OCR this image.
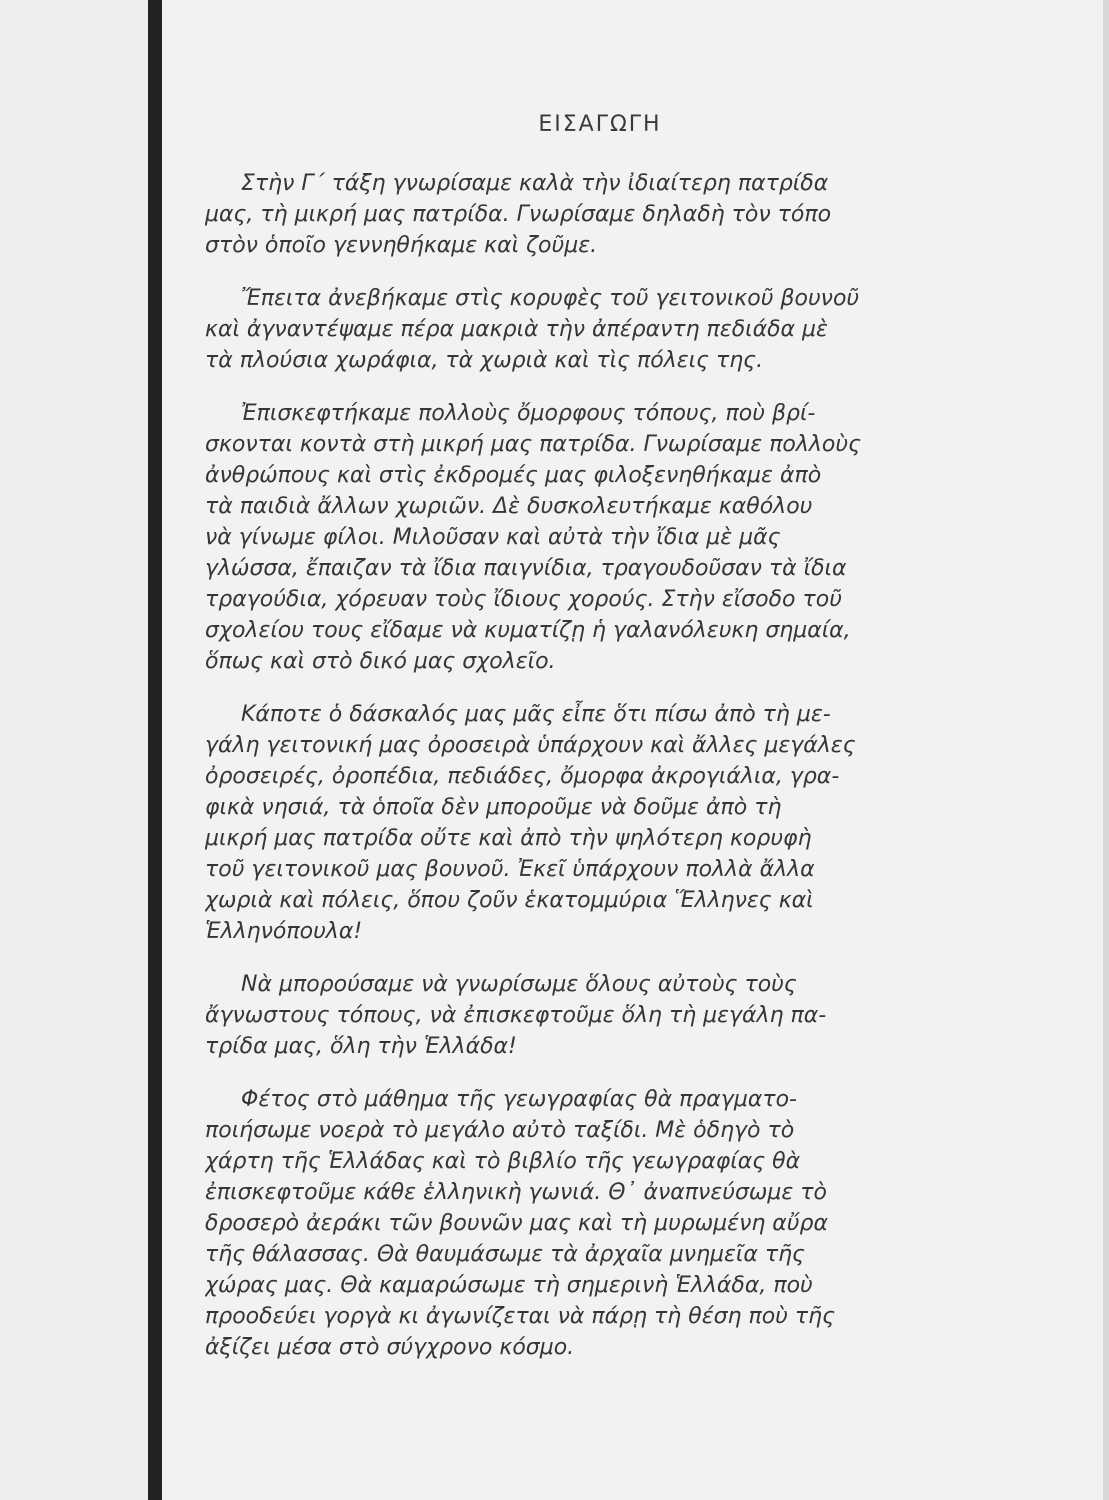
ΕΙΣΑΓΩΓΗ

Στὴν Γ΄ τάξη γνωρίσαμε καλὰ τὴν ἰδιαίτερη πατρίδα
μας, τὴ μικρή μας πατρίδα. Γνωρίσαμε δηλαδὴ τὸν τόπο
στὸν ὁποῖο γεννηθήκαμε καὶ ζοῦμε.

Ἔπειτα ἀνεβήκαμε στὶς κορυφὲς τοῦ γειτονικοῦ βουνοῦ
καὶ ἀγναντέψαμε πέρα μακριὰ τὴν ἀπέραντη πεδιάδα μὲ
τὰ πλούσια χωράφια, τὰ χωριὰ καὶ τὶς πόλεις της.

Ἐπισκεφτήκαμε πολλοὺς ὄμορφους τόπους, ποὺ βρί-
σκονται κοντὰ στὴ μικρή μας πατρίδα. Γνωρίσαμε πολλοὺς
ἀνθρώπους καὶ στὶς ἐκδρομές μας φιλοξενηθήκαμε ἀπὸ
τὰ παιδιὰ ἄλλων χωριῶν. Δὲ δυσκολευτήκαμε καθόλου
νὰ γίνωμε φίλοι. Μιλοῦσαν καὶ αὐτὰ τὴν ἴδια μὲ μᾶς
γλώσσα, ἔπαιζαν τὰ ἴδια παιγνίδια, τραγουδοῦσαν τὰ ἴδια
τραγούδια, χόρευαν τοὺς ἴδιους χορούς. Στὴν εἴσοδο τοῦ
σχολείου τους εἴδαμε νὰ κυματίζῃ ἡ γαλανόλευκη σημαία,
ὅπως καὶ στὸ δικό μας σχολεῖο.

Κάποτε ὁ δάσκαλός μας μᾶς εἶπε ὅτι πίσω ἀπὸ τὴ με-
γάλη γειτονική μας ὀροσειρὰ ὑπάρχουν καὶ ἄλλες μεγάλες
ὀροσειρές, ὀροπέδια, πεδιάδες, ὄμορφα ἀκρογιάλια, γρα-
φικὰ νησιά, τὰ ὁποῖα δὲν μποροῦμε νὰ δοῦμε ἀπὸ τὴ
μικρή μας πατρίδα οὔτε καὶ ἀπὸ τὴν ψηλότερη κορυφὴ
τοῦ γειτονικοῦ μας βουνοῦ. Ἐκεῖ ὑπάρχουν πολλὰ ἄλλα
χωριὰ καὶ πόλεις, ὅπου ζοῦν ἑκατομμύρια Ἕλληνες καὶ
Ἑλληνόπουλα!

Νὰ μπορούσαμε νὰ γνωρίσωμε ὅλους αὐτοὺς τοὺς
ἄγνωστους τόπους, νὰ ἐπισκεφτοῦμε ὅλη τὴ μεγάλη πα-
τρίδα μας, ὅλη τὴν Ἑλλάδα!

Φέτος στὸ μάθημα τῆς γεωγραφίας θὰ πραγματο-
ποιήσωμε νοερὰ τὸ μεγάλο αὐτὸ ταξίδι. Μὲ ὁδηγὸ τὸ
χάρτη τῆς Ἑλλάδας καὶ τὸ βιβλίο τῆς γεωγραφίας θὰ
ἐπισκεφτοῦμε κάθε ἑλληνικὴ γωνιά. Θ᾽ ἀναπνεύσωμε τὸ
δροσερὸ ἀεράκι τῶν βουνῶν μας καὶ τὴ μυρωμένη αὔρα
τῆς θάλασσας. Θὰ θαυμάσωμε τὰ ἀρχαῖα μνημεῖα τῆς
χώρας μας. Θὰ καμαρώσωμε τὴ σημερινὴ Ἑλλάδα, ποὺ
προοδεύει γοργὰ κι ἀγωνίζεται νὰ πάρῃ τὴ θέση ποὺ τῆς
ἀξίζει μέσα στὸ σύγχρονο κόσμο.
